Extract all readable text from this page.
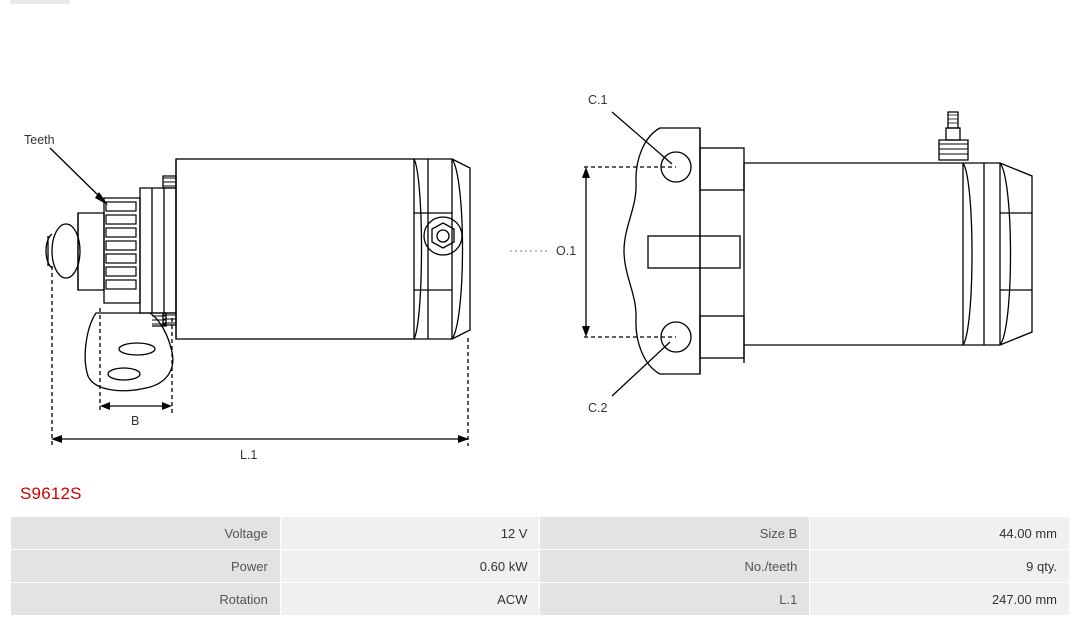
Teeth
B
L.1
O.1
C.1
C.2
S9612S
Voltage	12 V	Size B	44.00 mm
Power	0.60 kW	No./teeth	9 qty.
Rotation	ACW	L.1	247.00 mm
